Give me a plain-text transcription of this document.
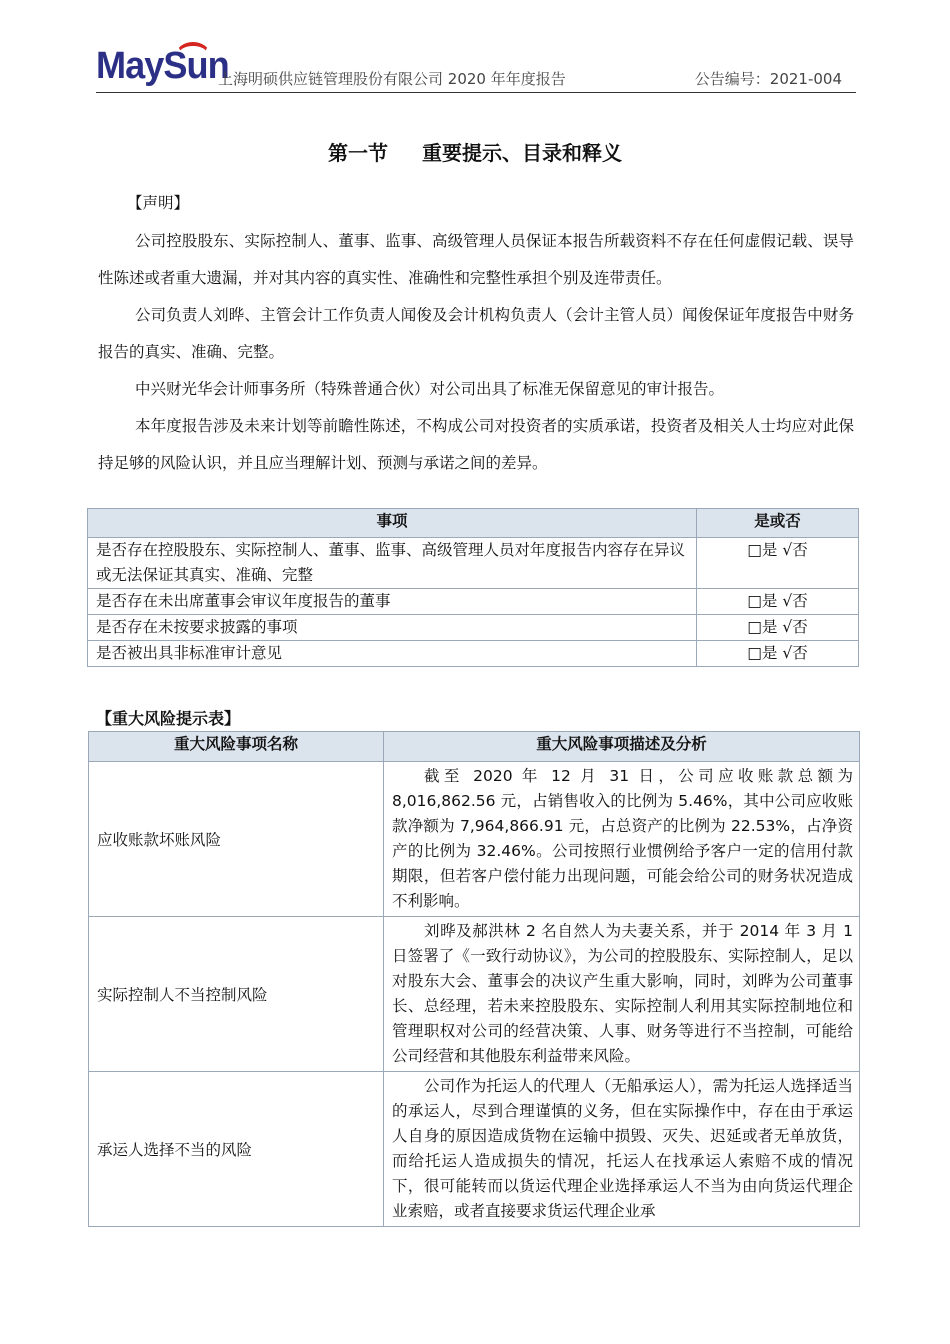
MaySun
上海明硕供应链管理股份有限公司 2020 年年度报告	公告编号：2021-004
第一节 重要提示、目录和释义
【声明】
公司控股股东、实际控制人、董事、监事、高级管理人员保证本报告所载资料不存在任何虚假记载、误导性陈述或者重大遗漏，并对其内容的真实性、准确性和完整性承担个别及连带责任。
公司负责人刘晔、主管会计工作负责人闻俊及会计机构负责人（会计主管人员）闻俊保证年度报告中财务报告的真实、准确、完整。
中兴财光华会计师事务所（特殊普通合伙）对公司出具了标准无保留意见的审计报告。
本年度报告涉及未来计划等前瞻性陈述，不构成公司对投资者的实质承诺，投资者及相关人士均应对此保持足够的风险认识，并且应当理解计划、预测与承诺之间的差异。
事项	是或否
是否存在控股股东、实际控制人、董事、监事、高级管理人员对年度报告内容存在异议或无法保证其真实、准确、完整	□是 √否
是否存在未出席董事会审议年度报告的董事	□是 √否
是否存在未按要求披露的事项	□是 √否
是否被出具非标准审计意见	□是 √否
【重大风险提示表】
重大风险事项名称	重大风险事项描述及分析
应收账款坏账风险	截至 2020 年 12 月 31 日，公司应收账款总额为 8,016,862.56 元，占销售收入的比例为 5.46%，其中公司应收账款净额为 7,964,866.91 元，占总资产的比例为 22.53%，占净资产的比例为 32.46%。公司按照行业惯例给予客户一定的信用付款期限，但若客户偿付能力出现问题，可能会给公司的财务状况造成不利影响。

实际控制人不当控制风险	刘晔及郝洪林 2 名自然人为夫妻关系，并于 2014 年 3 月 1 日签署了《一致行动协议》，为公司的控股股东、实际控制人，足以对股东大会、董事会的决议产生重大影响，同时，刘晔为公司董事长、总经理，若未来控股股东、实际控制人利用其实际控制地位和管理职权对公司的经营决策、人事、财务等进行不当控制，可能给公司经营和其他股东利益带来风险。

承运人选择不当的风险	公司作为托运人的代理人（无船承运人），需为托运人选择适当的承运人，尽到合理谨慎的义务，但在实际操作中，存在由于承运人自身的原因造成货物在运输中损毁、灭失、迟延或者无单放货，而给托运人造成损失的情况，托运人在找承运人索赔不成的情况下，很可能转而以货运代理企业选择承运人不当为由向货运代理企业索赔，或者直接要求货运代理企业承
